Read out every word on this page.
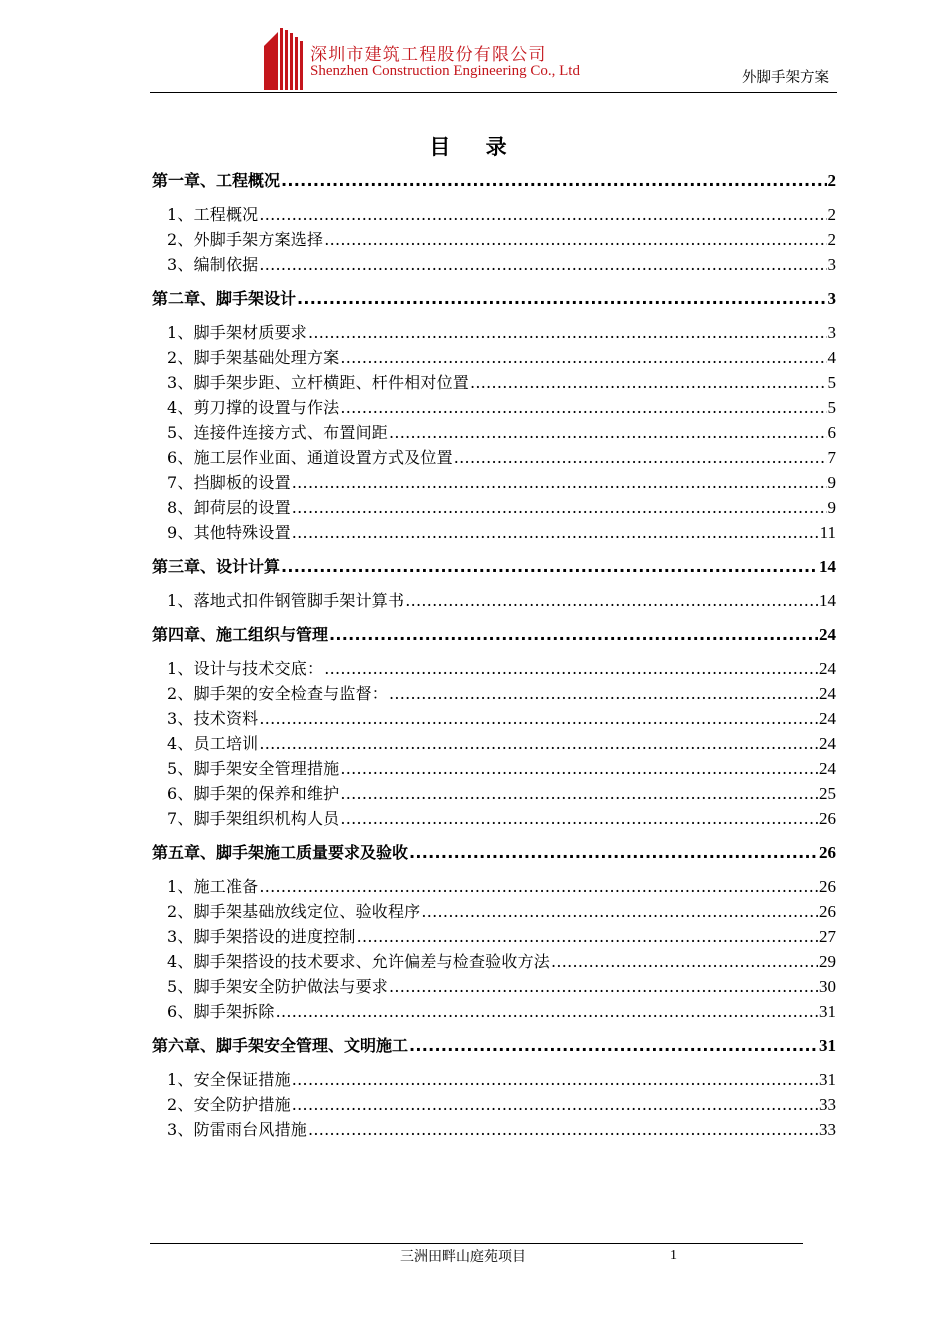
深圳市建筑工程股份有限公司
Shenzhen Construction Engineering Co., Ltd	外脚手架方案
目 录
第一章、工程概况 .....	2
1、工程概况 .....	2
2、外脚手架方案选择 .....	2
3、编制依据 .....	3
第二章、脚手架设计 .....	3
1、脚手架材质要求 .....	3
2、脚手架基础处理方案 .....	4
3、脚手架步距、立杆横距、杆件相对位置 .....	5
4、剪刀撑的设置与作法 .....	5
5、连接件连接方式、布置间距 .....	6
6、施工层作业面、通道设置方式及位置 .....	7
7、挡脚板的设置 .....	9
8、卸荷层的设置 .....	9
9、其他特殊设置 .....	11
第三章、设计计算 .....	14
1、落地式扣件钢管脚手架计算书 .....	14
第四章、施工组织与管理 .....	24
1、设计与技术交底： .....	24
2、脚手架的安全检查与监督： .....	24
3、技术资料 .....	24
4、员工培训 .....	24
5、脚手架安全管理措施 .....	24
6、脚手架的保养和维护 .....	25
7、脚手架组织机构人员 .....	26
第五章、脚手架施工质量要求及验收 .....	26
1、施工准备 .....	26
2、脚手架基础放线定位、验收程序 .....	26
3、脚手架搭设的进度控制 .....	27
4、脚手架搭设的技术要求、允许偏差与检查验收方法 .....	29
5、脚手架安全防护做法与要求 .....	30
6、脚手架拆除 .....	31
第六章、脚手架安全管理、文明施工 .....	31
1、安全保证措施 .....	31
2、安全防护措施 .....	33
3、防雷雨台风措施 .....	33
三洲田畔山庭苑项目	1
